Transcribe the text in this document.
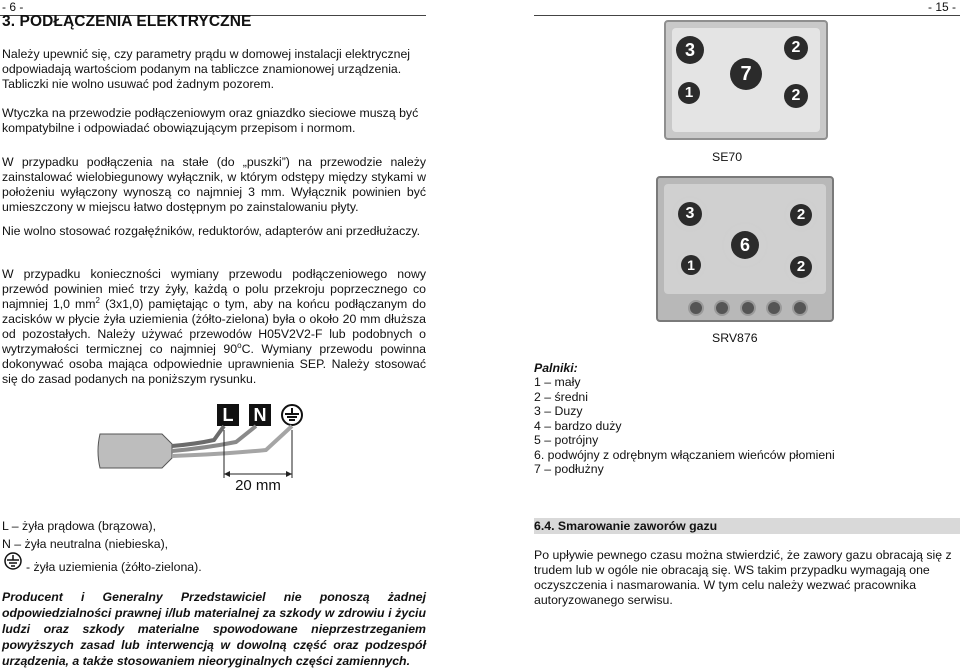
- 6 -	- 15 -
3. PODŁĄCZENIA ELEKTRYCZNE

Należy upewnić się, czy parametry prądu w domowej instalacji elektrycznej odpowiadają wartościom podanym na tabliczce znamionowej urządzenia. Tabliczki nie wolno usuwać pod żadnym pozorem.

Wtyczka na przewodzie podłączeniowym oraz gniazdko sieciowe muszą być kompatybilne i odpowiadać obowiązującym przepisom i normom.

W przypadku podłączenia na stałe (do „puszki”) na przewodzie należy zainstalować wielobiegunowy wyłącznik, w którym odstępy między stykami w położeniu wyłączony wynoszą co najmniej 3 mm. Wyłącznik powinien być umieszczony w miejscu łatwo dostępnym po zainstalowaniu płyty.

Nie wolno stosować rozgałęźników, reduktorów, adapterów ani przedłużaczy.

W przypadku konieczności wymiany przewodu podłączeniowego nowy przewód powinien mieć trzy żyły, każdą o polu przekroju poprzecznego co najmniej 1,0 $mm^2$ (3x1,0) pamiętając o tym, aby na końcu podłączanym do zacisków w płycie żyła uziemienia (żółto-zielona) była o około 20 mm dłuższa od pozostałych. Należy używać przewodów H05V2V2-F lub podobnych o wytrzymałości termicznej co najmniej 90$^o$C. Wymiany przewodu powinna dokonywać osoba mająca odpowiednie uprawnienia SEP. Należy stosować się do zasad podanych na poniższym rysunku.

L N
20 mm
L – żyła prądowa (brązowa),
N – żyła neutralna (niebieska),
- żyła uziemienia (żółto-zielona).

Producent i Generalny Przedstawiciel nie ponoszą żadnej odpowiedzialności prawnej i/lub materialnej za szkody w zdrowiu i życiu ludzi oraz szkody materialne spowodowane nieprzestrzeganiem powyższych zasad lub interwencją w dowolną część oraz podzespół urządzenia, a także stosowaniem nieoryginalnych części zamiennych.

3	2
7
1	2
SE70
3	2
6
1	2
SRV876
Palniki:
1 – mały
2 – średni
3 – Duzy
4 – bardzo duży
5 – potrójny
6. podwójny z odrębnym włączaniem wieńców płomieni
7 – podłużny
6.4. Smarowanie zaworów gazu

Po upływie pewnego czasu można stwierdzić, że zawory gazu obracają się z trudem lub w ogóle nie obracają się. WS takim przypadku wymagają one oczyszczenia i nasmarowania. W tym celu należy wezwać pracownika autoryzowanego serwisu.
